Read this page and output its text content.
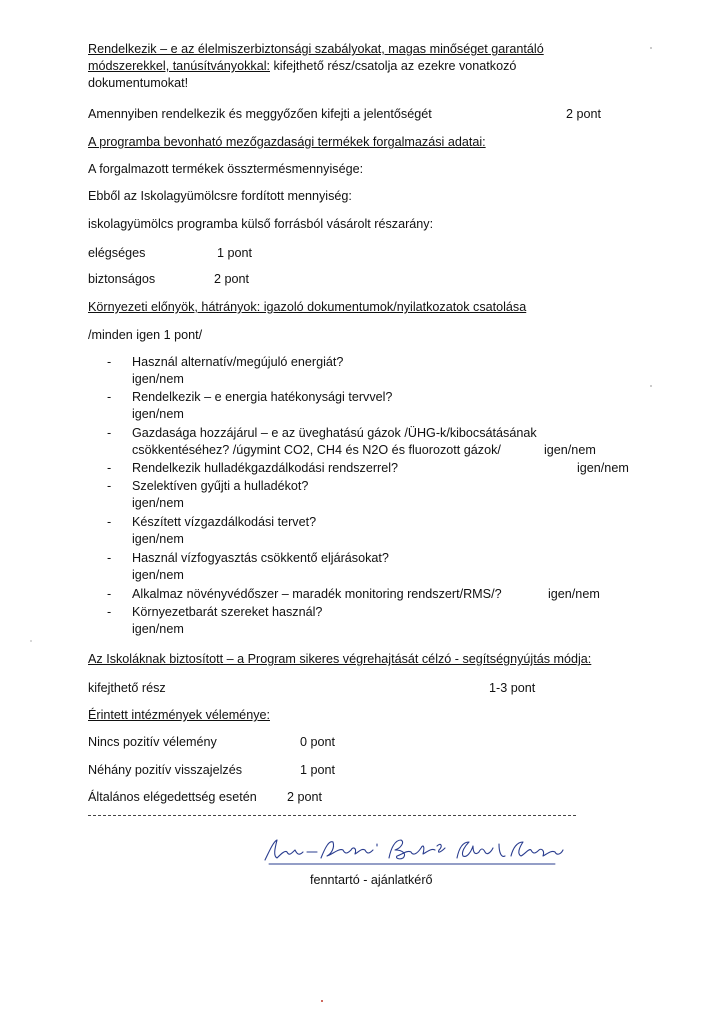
Rendelkezik – e az élelmiszerbiztonsági szabályokat, magas minőséget garantáló
módszerekkel, tanúsítványokkal: kifejthető rész/csatolja az ezekre vonatkozó
dokumentumokat!
Amennyiben rendelkezik és meggyőzően kifejti a jelentőségét	2 pont
A programba bevonható mezőgazdasági termékek forgalmazási adatai:
A forgalmazott termékek össztermésmennyisége:
Ebből az Iskolagyümölcsre fordított mennyiség:
iskolagyümölcs programba külső forrásból vásárolt részarány:
elégséges	1 pont
biztonságos	2 pont
Környezeti előnyök, hátrányok: igazoló dokumentumok/nyilatkozatok csatolása
/minden igen 1 pont/
- Használ alternatív/megújuló energiát?
igen/nem
- Rendelkezik – e energia hatékonysági tervvel?
igen/nem
- Gazdasága hozzájárul – e az üveghatású gázok /ÜHG-k/kibocsátásának
csökkentéséhez? /úgymint CO2, CH4 és N2O és fluorozott gázok/	igen/nem
- Rendelkezik hulladékgazdálkodási rendszerrel?	igen/nem
- Szelektíven gyűjti a hulladékot?
igen/nem
- Készített vízgazdálkodási tervet?
igen/nem
- Használ vízfogyasztás csökkentő eljárásokat?
igen/nem
- Alkalmaz növényvédőszer – maradék monitoring rendszert/RMS/?	igen/nem
- Környezetbarát szereket használ?
igen/nem
Az Iskoláknak biztosított – a Program sikeres végrehajtását célzó - segítségnyújtás módja:
kifejthető rész	1-3 pont
Érintett intézmények véleménye:
Nincs pozitív vélemény	0 pont
Néhány pozitív visszajelzés	1 pont
Általános elégedettség esetén 2 pont
fenntartó - ajánlatkérő
